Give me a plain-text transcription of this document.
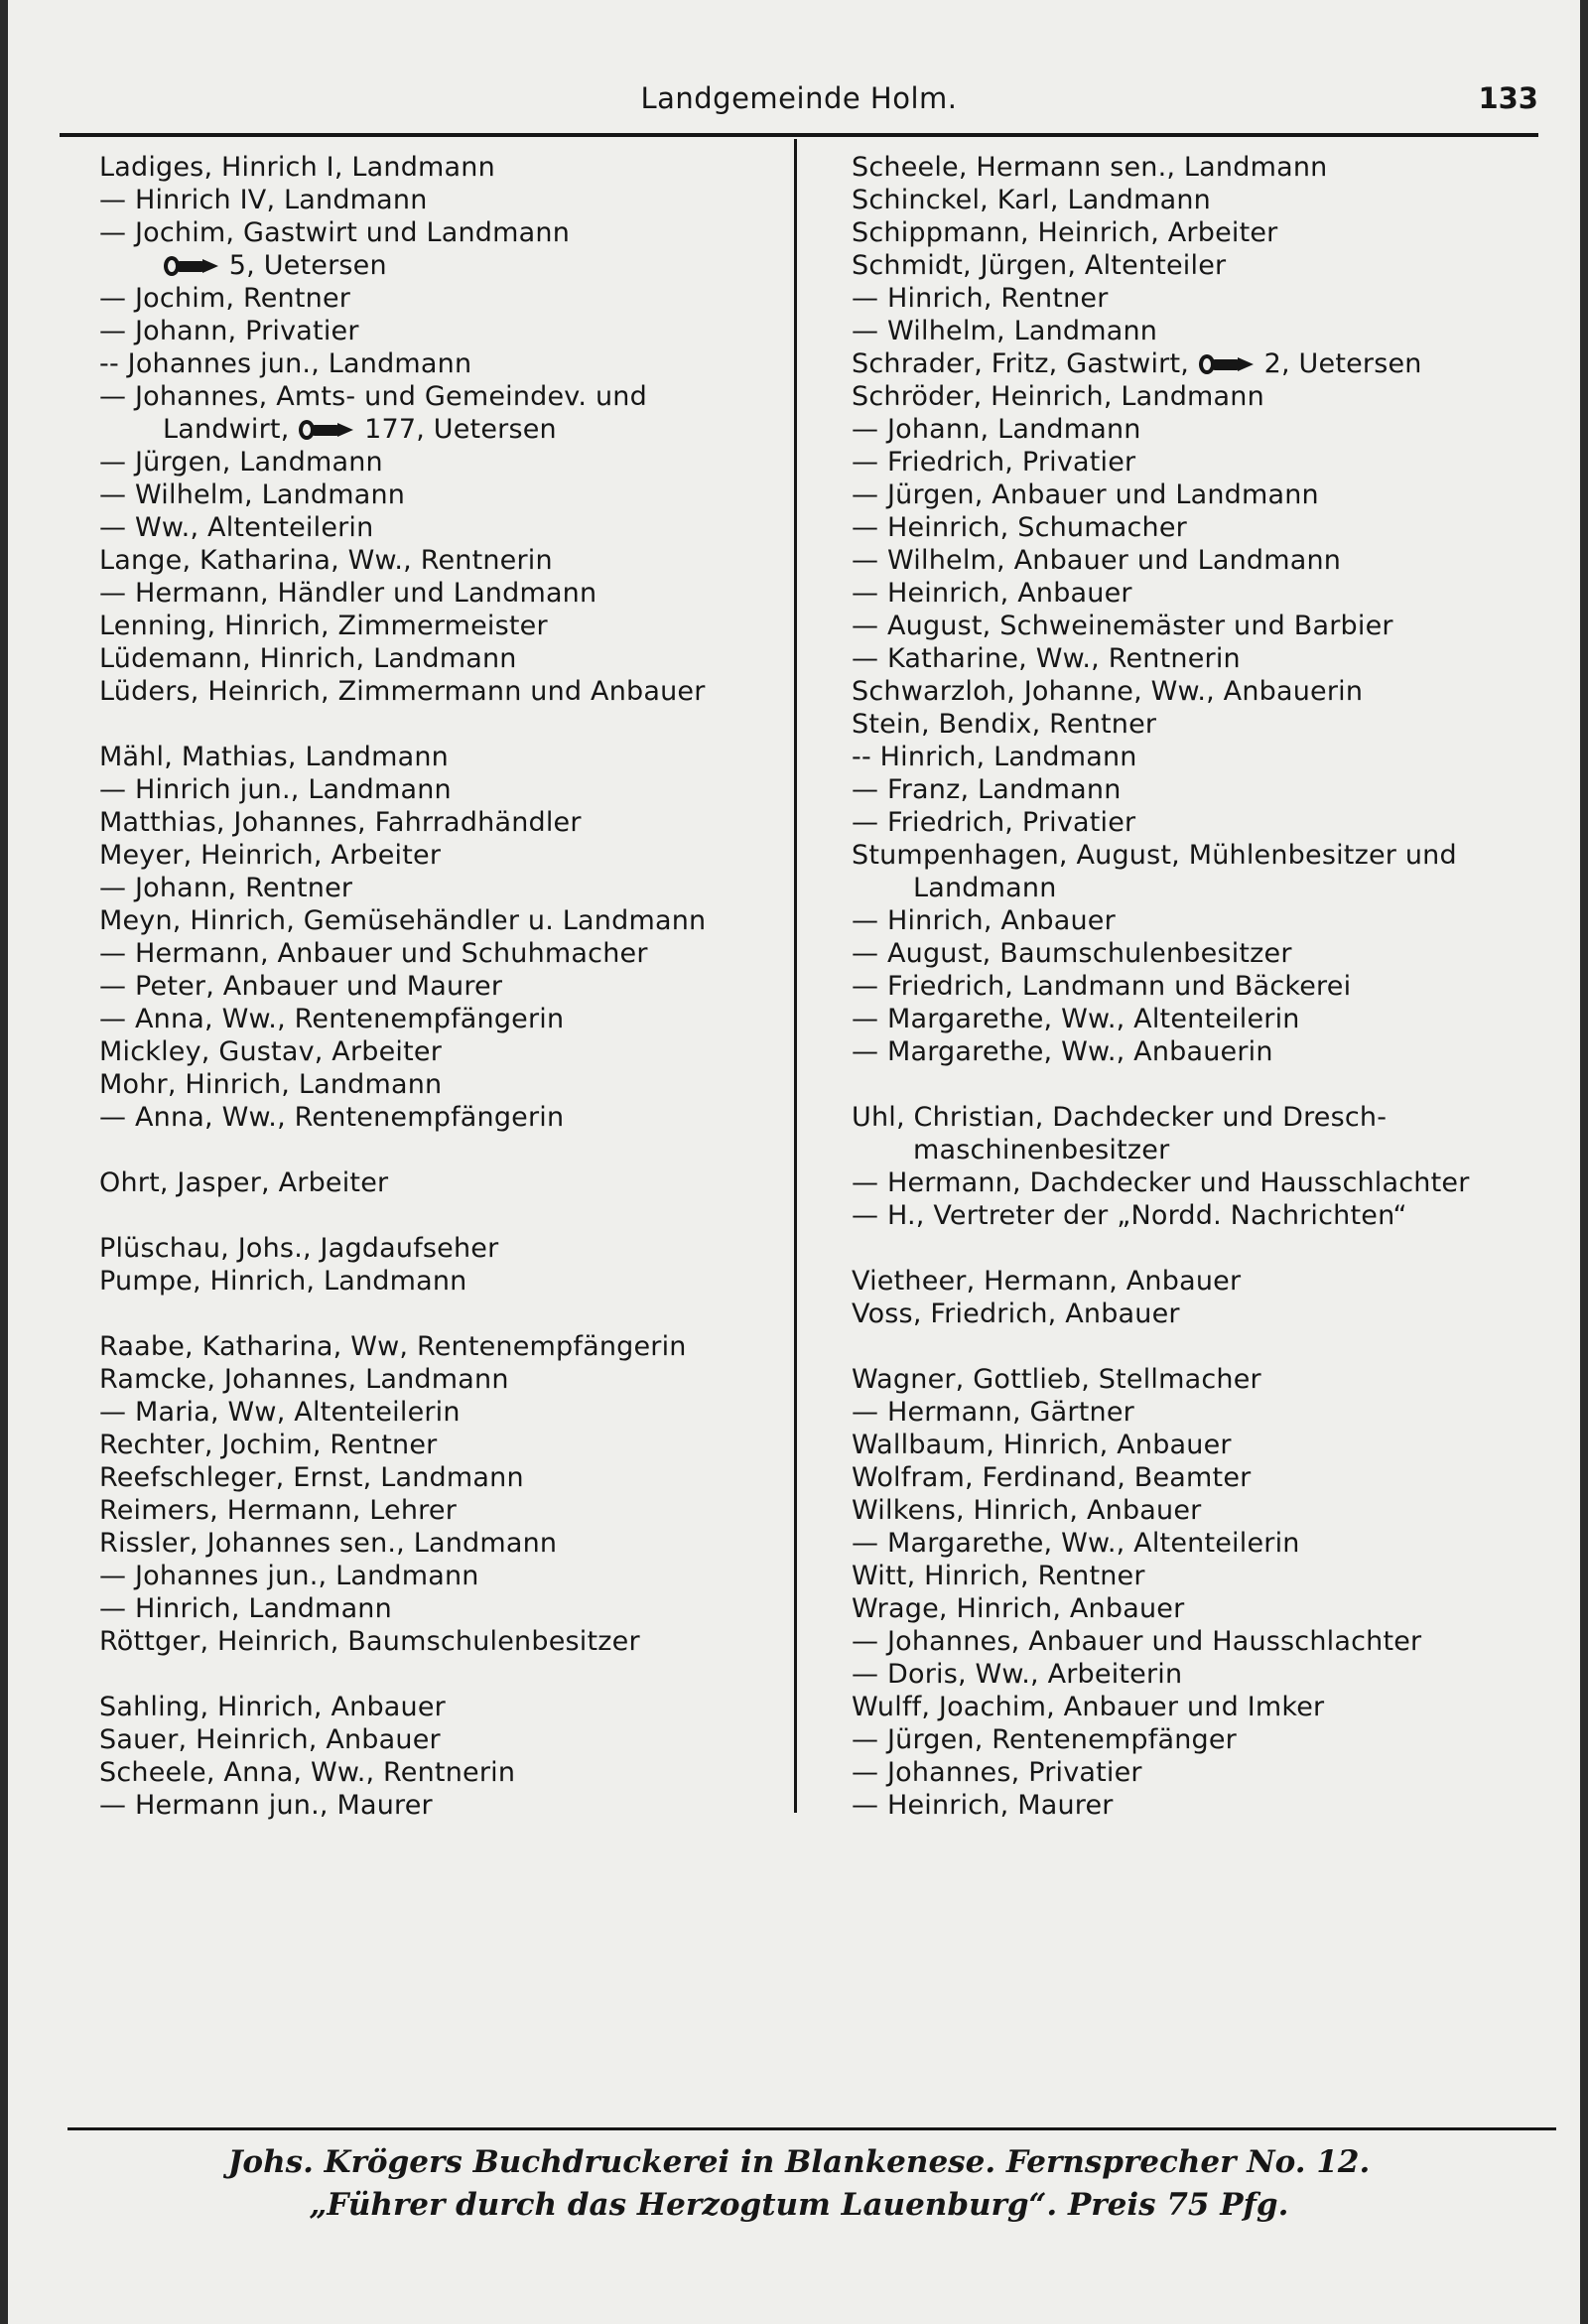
Landgemeinde Holm.	133
Ladiges, Hinrich I, Landmann
— Hinrich IV, Landmann
— Jochim, Gastwirt und Landmann
5, Uetersen
— Jochim, Rentner
— Johann, Privatier
-- Johannes jun., Landmann
— Johannes, Amts- und Gemeindev. und
Landwirt,  177, Uetersen
— Jürgen, Landmann
— Wilhelm, Landmann
— Ww., Altenteilerin
Lange, Katharina, Ww., Rentnerin
— Hermann, Händler und Landmann
Lenning, Hinrich, Zimmermeister
Lüdemann, Hinrich, Landmann
Lüders, Heinrich, Zimmermann und Anbauer
Mähl, Mathias, Landmann
— Hinrich jun., Landmann
Matthias, Johannes, Fahrradhändler
Meyer, Heinrich, Arbeiter
— Johann, Rentner
Meyn, Hinrich, Gemüsehändler u. Landmann
— Hermann, Anbauer und Schuhmacher
— Peter, Anbauer und Maurer
— Anna, Ww., Rentenempfängerin
Mickley, Gustav, Arbeiter
Mohr, Hinrich, Landmann
— Anna, Ww., Rentenempfängerin
Ohrt, Jasper, Arbeiter
Plüschau, Johs., Jagdaufseher
Pumpe, Hinrich, Landmann
Raabe, Katharina, Ww, Rentenempfängerin
Ramcke, Johannes, Landmann
— Maria, Ww, Altenteilerin
Rechter, Jochim, Rentner
Reefschleger, Ernst, Landmann
Reimers, Hermann, Lehrer
Rissler, Johannes sen., Landmann
— Johannes jun., Landmann
— Hinrich, Landmann
Röttger, Heinrich, Baumschulenbesitzer
Sahling, Hinrich, Anbauer
Sauer, Heinrich, Anbauer
Scheele, Anna, Ww., Rentnerin
— Hermann jun., Maurer
Scheele, Hermann sen., Landmann
Schinckel, Karl, Landmann
Schippmann, Heinrich, Arbeiter
Schmidt, Jürgen, Altenteiler
— Hinrich, Rentner
— Wilhelm, Landmann
Schrader, Fritz, Gastwirt,  2, Uetersen
Schröder, Heinrich, Landmann
— Johann, Landmann
— Friedrich, Privatier
— Jürgen, Anbauer und Landmann
— Heinrich, Schumacher
— Wilhelm, Anbauer und Landmann
— Heinrich, Anbauer
— August, Schweinemäster und Barbier
— Katharine, Ww., Rentnerin
Schwarzloh, Johanne, Ww., Anbauerin
Stein, Bendix, Rentner
-- Hinrich, Landmann
— Franz, Landmann
— Friedrich, Privatier
Stumpenhagen, August, Mühlenbesitzer und
Landmann
— Hinrich, Anbauer
— August, Baumschulenbesitzer
— Friedrich, Landmann und Bäckerei
— Margarethe, Ww., Altenteilerin
— Margarethe, Ww., Anbauerin
Uhl, Christian, Dachdecker und Dresch-
maschinenbesitzer
— Hermann, Dachdecker und Hausschlachter
— H., Vertreter der „Nordd. Nachrichten“
Vietheer, Hermann, Anbauer
Voss, Friedrich, Anbauer
Wagner, Gottlieb, Stellmacher
— Hermann, Gärtner
Wallbaum, Hinrich, Anbauer
Wolfram, Ferdinand, Beamter
Wilkens, Hinrich, Anbauer
— Margarethe, Ww., Altenteilerin
Witt, Hinrich, Rentner
Wrage, Hinrich, Anbauer
— Johannes, Anbauer und Hausschlachter
— Doris, Ww., Arbeiterin
Wulff, Joachim, Anbauer und Imker
— Jürgen, Rentenempfänger
— Johannes, Privatier
— Heinrich, Maurer
Johs. Krögers Buchdruckerei in Blankenese. Fernsprecher No. 12.
„Führer durch das Herzogtum Lauenburg“. Preis 75 Pfg.
